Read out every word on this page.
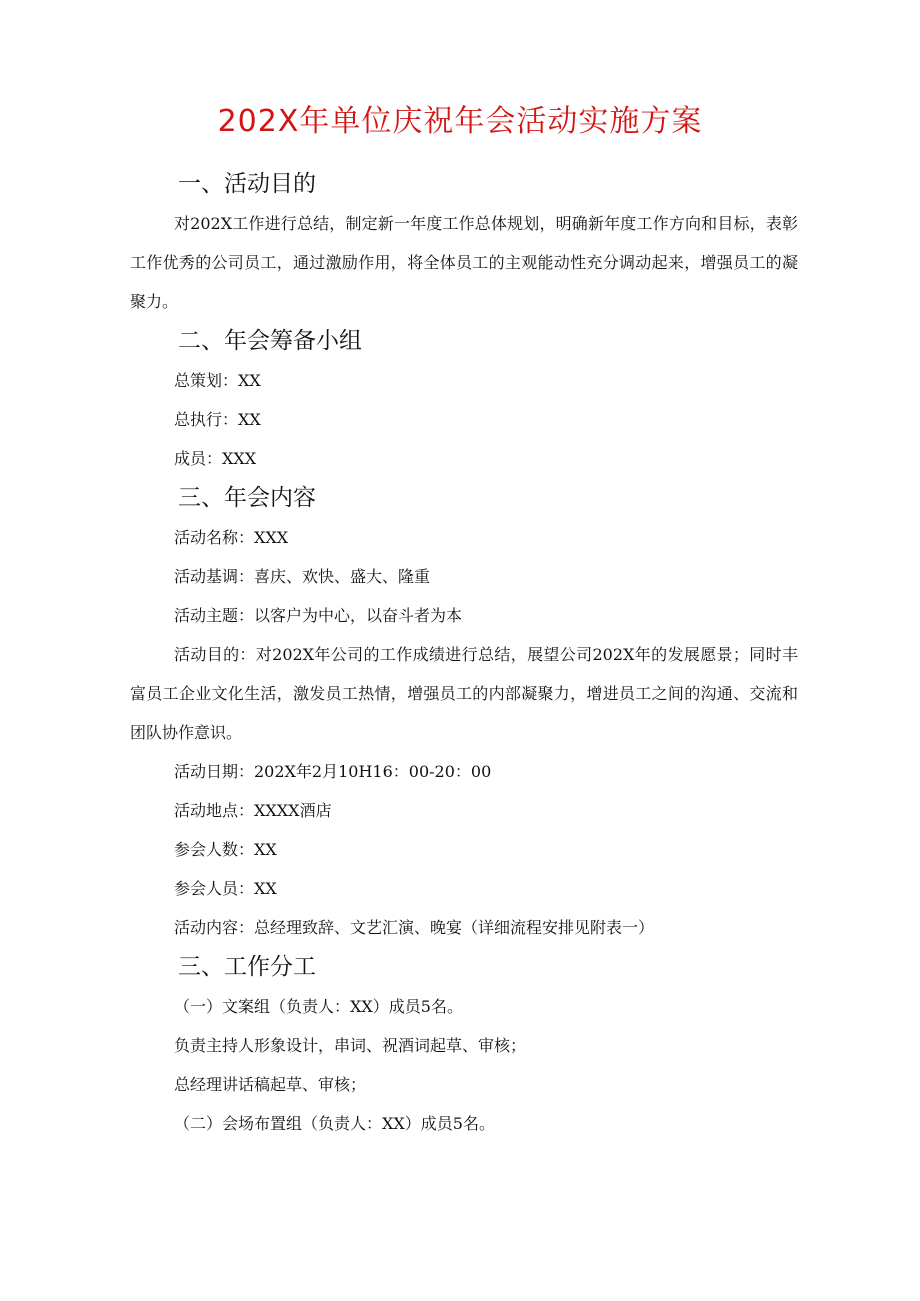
202X年单位庆祝年会活动实施方案
一、活动目的
对202X工作进行总结，制定新一年度工作总体规划，明确新年度工作方向和目标，表彰工作优秀的公司员工，通过激励作用，将全体员工的主观能动性充分调动起来，增强员工的凝聚力。
二、年会筹备小组
总策划：XX
总执行：XX
成员：XXX
三、年会内容
活动名称：XXX
活动基调：喜庆、欢快、盛大、隆重
活动主题：以客户为中心，以奋斗者为本
活动目的：对202X年公司的工作成绩进行总结，展望公司202X年的发展愿景；同时丰富员工企业文化生活，激发员工热情，增强员工的内部凝聚力，增进员工之间的沟通、交流和团队协作意识。
活动日期：202X年2月10H16：00-20：00
活动地点：XXXX酒店
参会人数：XX
参会人员：XX
活动内容：总经理致辞、文艺汇演、晚宴（详细流程安排见附表一）
三、工作分工
（一）文案组（负责人：XX）成员5名。
负责主持人形象设计，串词、祝酒词起草、审核；
总经理讲话稿起草、审核；
（二）会场布置组（负责人：XX）成员5名。
